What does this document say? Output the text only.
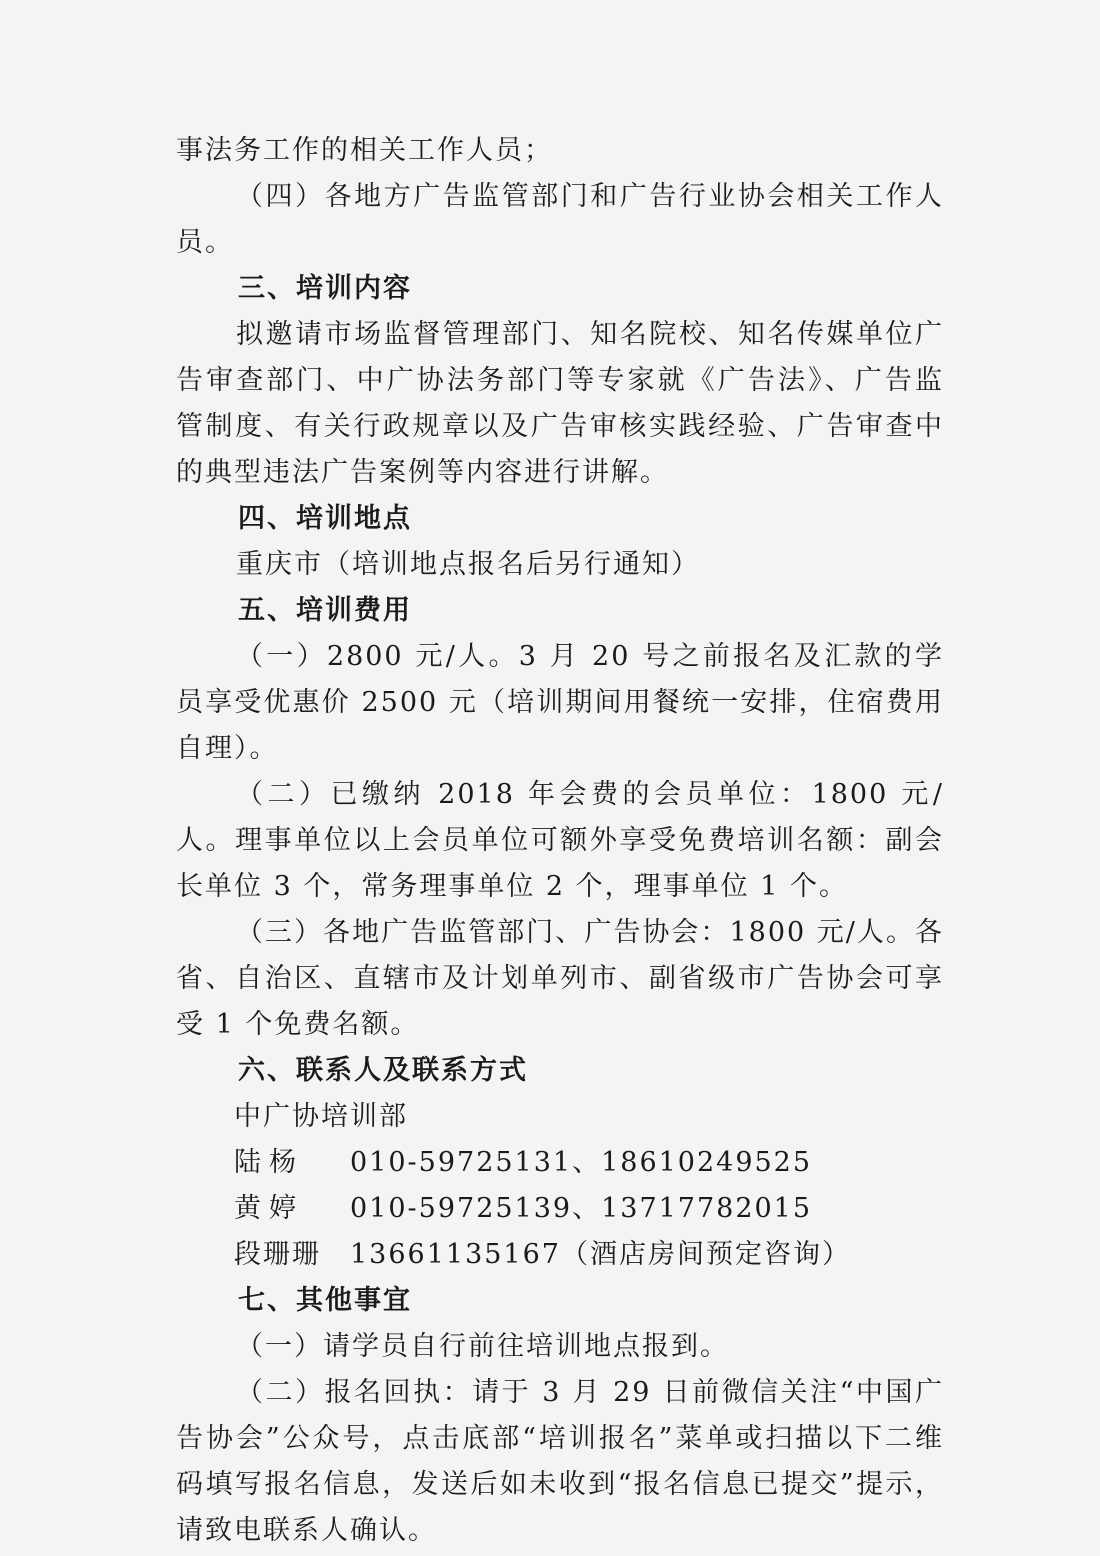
事法务工作的相关工作人员；

（四）各地方广告监管部门和广告行业协会相关工作人员。

三、培训内容

拟邀请市场监督管理部门、知名院校、知名传媒单位广告审查部门、中广协法务部门等专家就《广告法》、广告监管制度、有关行政规章以及广告审核实践经验、广告审查中的典型违法广告案例等内容进行讲解。

四、培训地点

重庆市（培训地点报名后另行通知）

五、培训费用

（一）2800 元/人。3 月 20 号之前报名及汇款的学员享受优惠价 2500 元（培训期间用餐统一安排，住宿费用自理）。

（二）已缴纳 2018 年会费的会员单位：1800 元/人。理事单位以上会员单位可额外享受免费培训名额：副会长单位 3 个，常务理事单位 2 个，理事单位 1 个。

（三）各地广告监管部门、广告协会：1800 元/人。各省、自治区、直辖市及计划单列市、副省级市广告协会可享受 1 个免费名额。

六、联系人及联系方式

中广协培训部

陆杨 010-59725131、18610249525

黄婷 010-59725139、13717782015

段珊珊 13661135167（酒店房间预定咨询）

七、其他事宜

（一）请学员自行前往培训地点报到。

（二）报名回执：请于 3 月 29 日前微信关注“中国广告协会”公众号，点击底部“培训报名”菜单或扫描以下二维码填写报名信息，发送后如未收到“报名信息已提交”提示，请致电联系人确认。
